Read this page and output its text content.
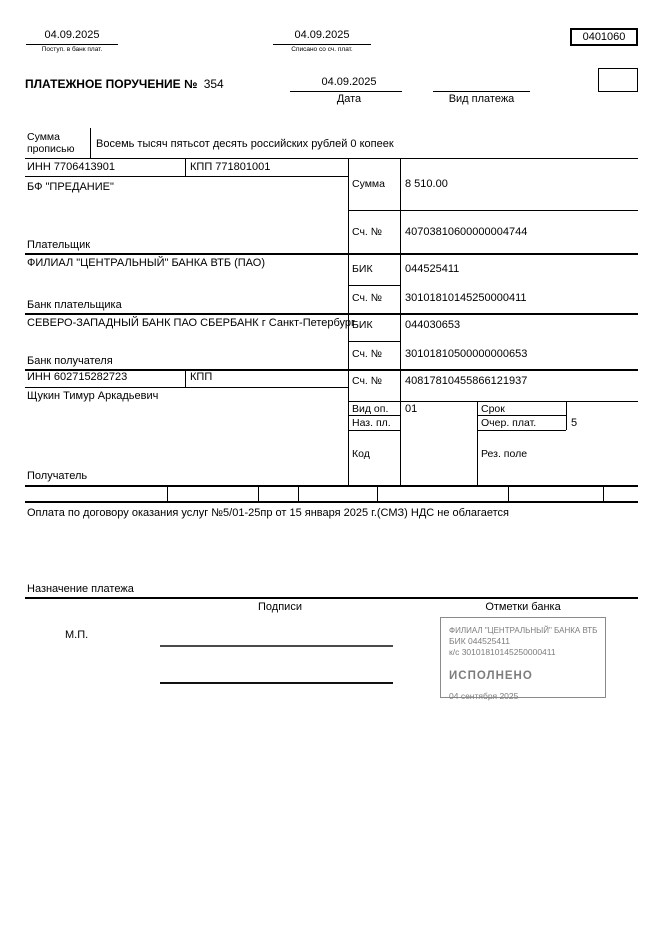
04.09.2025
Поступ. в банк плат.
04.09.2025
Списано со сч. плат.
0401060
ПЛАТЕЖНОЕ ПОРУЧЕНИЕ № 354	04.09.2025
Дата	Вид платежа
Сумма прописью	Восемь тысяч пятьсот десять российских рублей 0 копеек
ИНН 7706413901	КПП 771801001
БФ "ПРЕДАНИЕ"
Плательщик
Сумма 8 510.00
Сч. № 40703810600000004744
ФИЛИАЛ "ЦЕНТРАЛЬНЫЙ" БАНКА ВТБ (ПАО)
Банк плательщика
БИК	044525411
Сч. № 30101810145250000411
СЕВЕРО-ЗАПАДНЫЙ БАНК ПАО СБЕРБАНК г Санкт-Петербург
Банк получателя
БИК	044030653
Сч. № 30101810500000000653
ИНН 602715282723	КПП
Щукин Тимур Аркадьевич
Получатель
Сч. № 40817810455866121937
Вид оп. 01	Срок
Наз. пл.	Очер. плат.	5
Код	Рез. поле
Оплата по договору оказания услуг №5/01-25пр от 15 января 2025 г.(СМЗ) НДС не облагается
Назначение платежа
Подписи	Отметки банка
М.П.	ФИЛИАЛ "ЦЕНТРАЛЬНЫЙ" БАНКА ВТБ
БИК 044525411
к/с 30101810145250000411
ИСПОЛНЕНО
04 сентября 2025
